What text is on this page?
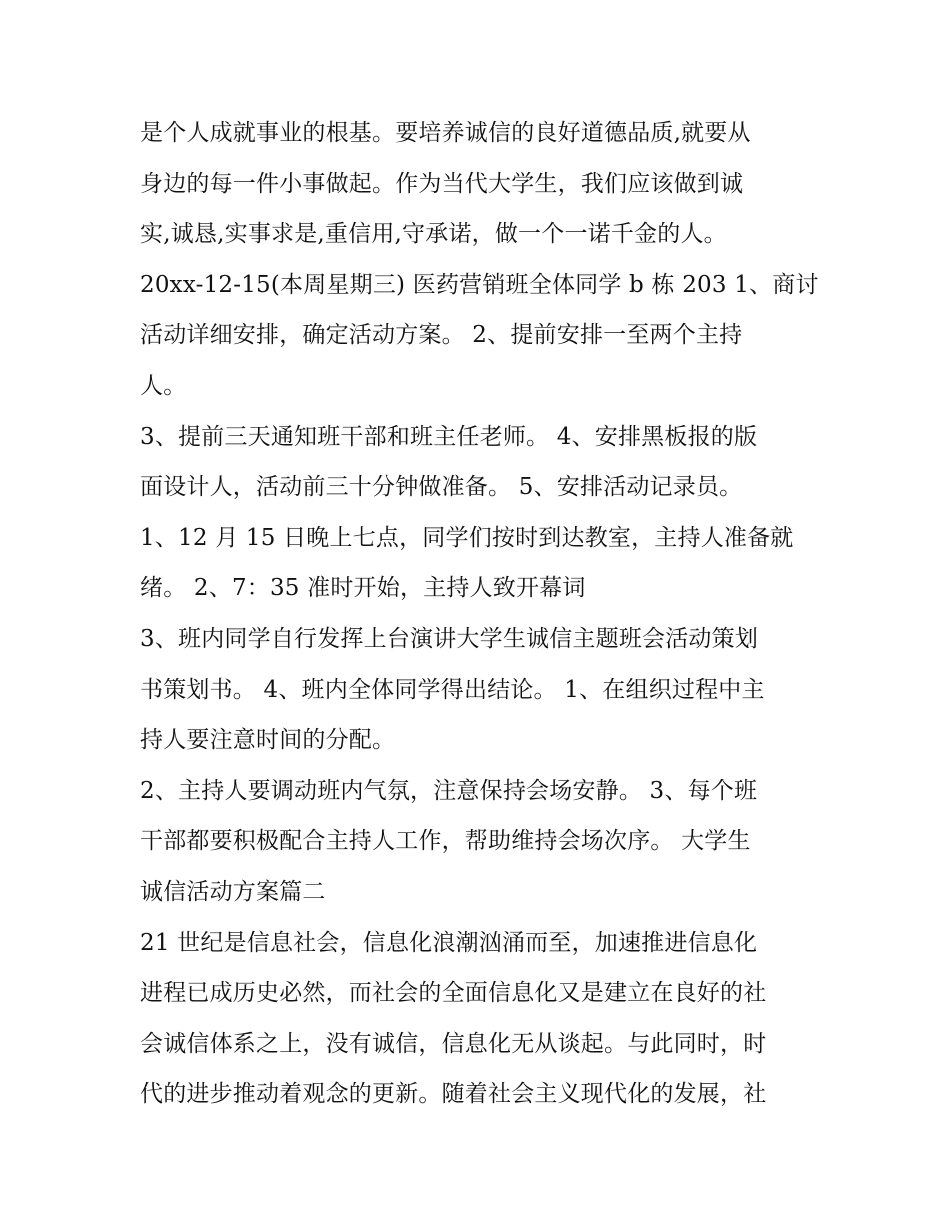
是个人成就事业的根基。要培养诚信的良好道德品质,就要从
身边的每一件小事做起。作为当代大学生，我们应该做到诚
实,诚恳,实事求是,重信用,守承诺，做一个一诺千金的人。
20xx-12-15(本周星期三) 医药营销班全体同学 b 栋 203 1、商讨
活动详细安排，确定活动方案。 2、提前安排一至两个主持
人。
3、提前三天通知班干部和班主任老师。 4、安排黑板报的版
面设计人，活动前三十分钟做准备。 5、安排活动记录员。
1、12 月 15 日晚上七点，同学们按时到达教室，主持人准备就
绪。 2、7：35 准时开始，主持人致开幕词
3、班内同学自行发挥上台演讲大学生诚信主题班会活动策划
书策划书。 4、班内全体同学得出结论。 1、在组织过程中主
持人要注意时间的分配。
2、主持人要调动班内气氛，注意保持会场安静。 3、每个班
干部都要积极配合主持人工作，帮助维持会场次序。 大学生
诚信活动方案篇二
21 世纪是信息社会，信息化浪潮汹涌而至，加速推进信息化
进程已成历史必然，而社会的全面信息化又是建立在良好的社
会诚信体系之上，没有诚信，信息化无从谈起。与此同时，时
代的进步推动着观念的更新。随着社会主义现代化的发展，社
